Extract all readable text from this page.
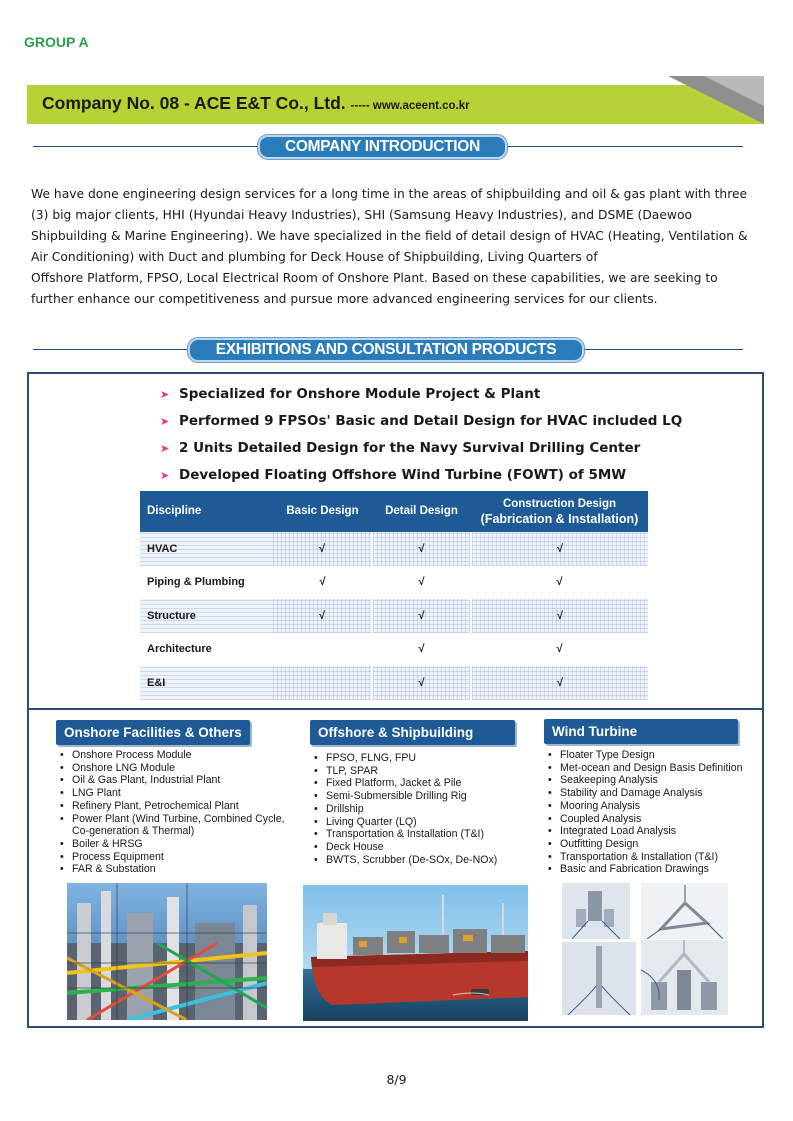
GROUP A
Company No. 08 - ACE E&T Co., Ltd. ----- www.aceent.co.kr
COMPANY INTRODUCTION
We have done engineering design services for a long time in the areas of shipbuilding and oil & gas plant with three
(3) big major clients, HHI (Hyundai Heavy Industries), SHI (Samsung Heavy Industries), and DSME (Daewoo
Shipbuilding & Marine Engineering). We have specialized in the field of detail design of HVAC (Heating, Ventilation &
Air Conditioning) with Duct and plumbing for Deck House of Shipbuilding, Living Quarters of
Offshore Platform, FPSO, Local Electrical Room of Onshore Plant. Based on these capabilities, we are seeking to
further enhance our competitiveness and pursue more advanced engineering services for our clients.
EXHIBITIONS AND CONSULTATION PRODUCTS
➤ Specialized for Onshore Module Project & Plant
➤ Performed 9 FPSOs' Basic and Detail Design for HVAC included LQ
➤ 2 Units Detailed Design for the Navy Survival Drilling Center
➤ Developed Floating Offshore Wind Turbine (FOWT) of 5MW
Discipline	Basic Design	Detail Design	Construction Design
(Fabrication & Installation)

HVAC	√	√	√
Piping & Plumbing	√	√	√
Structure	√	√	√
Architecture		√	√
E&I		√	√
Onshore Facilities & Others
• Onshore Process Module
• Onshore LNG Module
• Oil & Gas Plant, Industrial Plant
• LNG Plant
• Refinery Plant, Petrochemical Plant
• Power Plant (Wind Turbine, Combined Cycle,
Co-generation & Thermal)
• Boiler & HRSG
• Process Equipment
• FAR & Substation
Offshore & Shipbuilding
• FPSO, FLNG, FPU
• TLP, SPAR
• Fixed Platform, Jacket & Pile
• Semi-Submersible Drilling Rig
• Drillship
• Living Quarter (LQ)
• Transportation & Installation (T&I)
• Deck House
• BWTS, Scrubber (De-SOx, De-NOx)
Wind Turbine
• Floater Type Design
• Met-ocean and Design Basis Definition
• Seakeeping Analysis
• Stability and Damage Analysis
• Mooring Analysis
• Coupled Analysis
• Integrated Load Analysis
• Outfitting Design
• Transportation & Installation (T&I)
• Basic and Fabrication Drawings
8/9
